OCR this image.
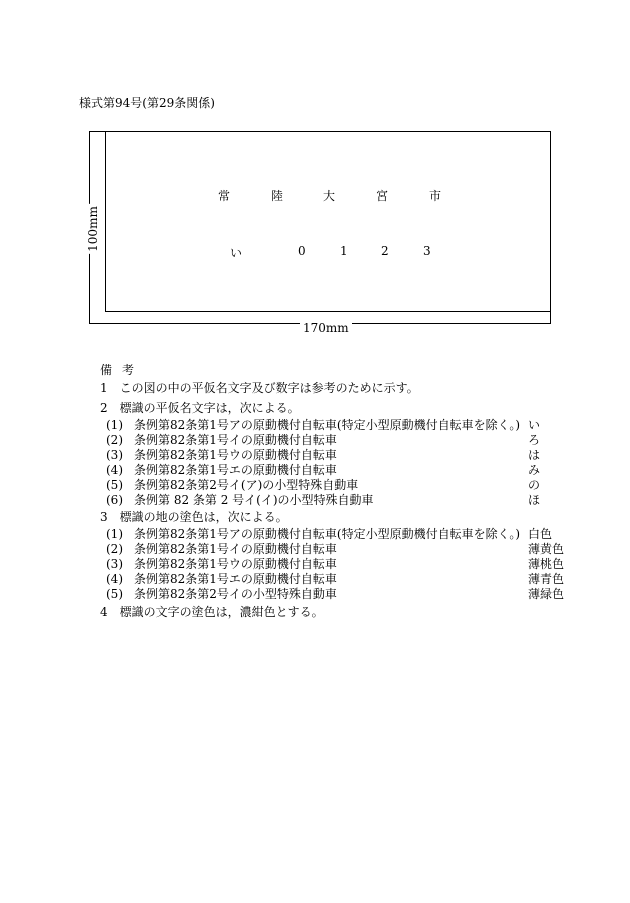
様式第94号(第29条関係)
100mm
170mm
常	陸	大	宮	市
い	0	1	2	3
備考
1　この図の中の平仮名文字及び数字は参考のために示す。
2　標識の平仮名文字は，次による。
(1) 条例第82条第1号アの原動機付自転車(特定小型原動機付自転車を除く。) い
(2) 条例第82条第1号イの原動機付自転車	ろ
(3) 条例第82条第1号ウの原動機付自転車	は
(4) 条例第82条第1号エの原動機付自転車	み
(5) 条例第82条第2号イ(ア)の小型特殊自動車	の
(6) 条例第 82 条第 2 号イ(イ)の小型特殊自動車	ほ
3　標識の地の塗色は，次による。
(1) 条例第82条第1号アの原動機付自転車(特定小型原動機付自転車を除く。) 白色
(2) 条例第82条第1号イの原動機付自転車	薄黄色
(3) 条例第82条第1号ウの原動機付自転車	薄桃色
(4) 条例第82条第1号エの原動機付自転車	薄青色
(5) 条例第82条第2号イの小型特殊自動車	薄緑色
4　標識の文字の塗色は，濃紺色とする。
